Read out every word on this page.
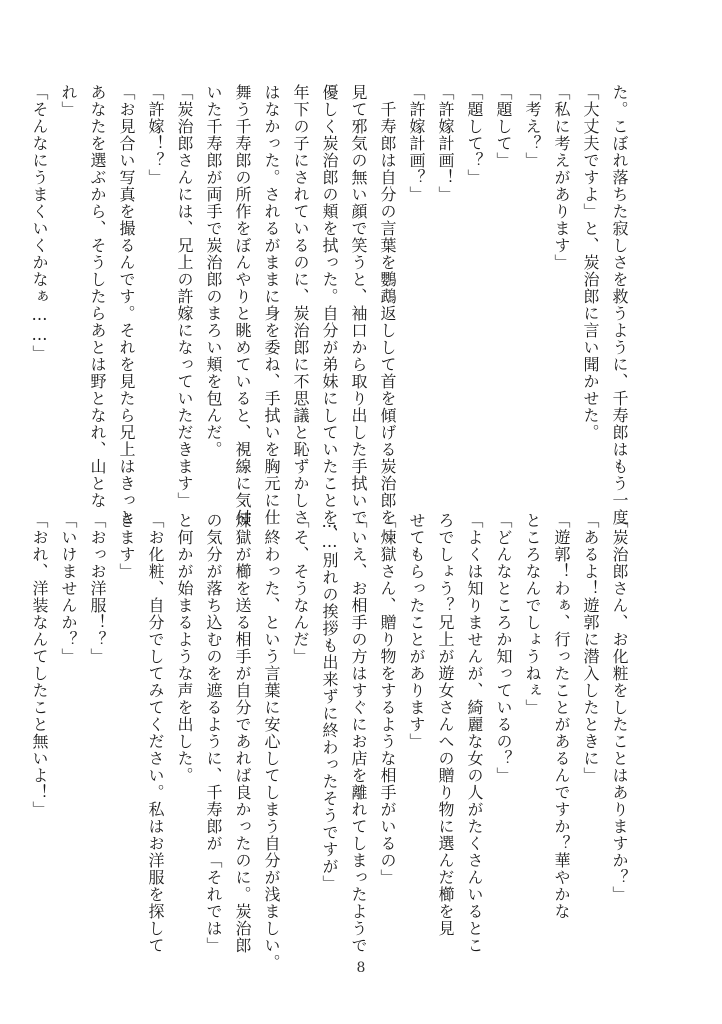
た。こぼれ落ちた寂しさを救うように、千寿郎はもう一度
「大丈夫ですよ」と、炭治郎に言い聞かせた。
「私に考えがあります」
「考え？」
「題して」
「題して？」
「許嫁計画！」
「許嫁計画？」
　千寿郎は自分の言葉を鸚鵡返しして首を傾げる炭治郎を
見て邪気の無い顔で笑うと、袖口から取り出した手拭いで
優しく炭治郎の頬を拭った。自分が弟妹にしていたことを、
年下の子にされているのに、炭治郎に不思議と恥ずかしさ
はなかった。されるがままに身を委ね、手拭いを胸元に仕
舞う千寿郎の所作をぼんやりと眺めていると、視線に気付
いた千寿郎が両手で炭治郎のまろい頬を包んだ。
「炭治郎さんには、兄上の許嫁になっていただきます」
「許嫁！？」
「お見合い写真を撮るんです。それを見たら兄上はきっと
あなたを選ぶから、そうしたらあとは野となれ、山とな
れ」
「そんなにうまくいくかなぁ……」
「炭治郎さん、お化粧をしたことはありますか？」
「あるよ！遊郭に潜入したときに」
「遊郭！わぁ、行ったことがあるんですか？華やかな
ところなんでしょうねぇ」
「どんなところか知っているの？」
「よくは知りませんが、綺麗な女の人がたくさんいるとこ
ろでしょう？兄上が遊女さんへの贈り物に選んだ櫛を見
せてもらったことがあります」
「煉獄さん、贈り物をするような相手がいるの」
「いえ、お相手の方はすぐにお店を離れてしまったようで
……別れの挨拶も出来ずに終わったそうですが」
「そ、そうなんだ」
　終わった、という言葉に安心してしまう自分が浅ましい。
煉獄が櫛を送る相手が自分であれば良かったのに。炭治郎
の気分が落ち込むのを遮るように、千寿郎が「それでは」
と何かが始まるような声を出した。
「お化粧、自分でしてみてください。私はお洋服を探して
きます」
「おっお洋服！？」
「いけませんか？」
「おれ、洋装なんてしたこと無いよ！」
8
